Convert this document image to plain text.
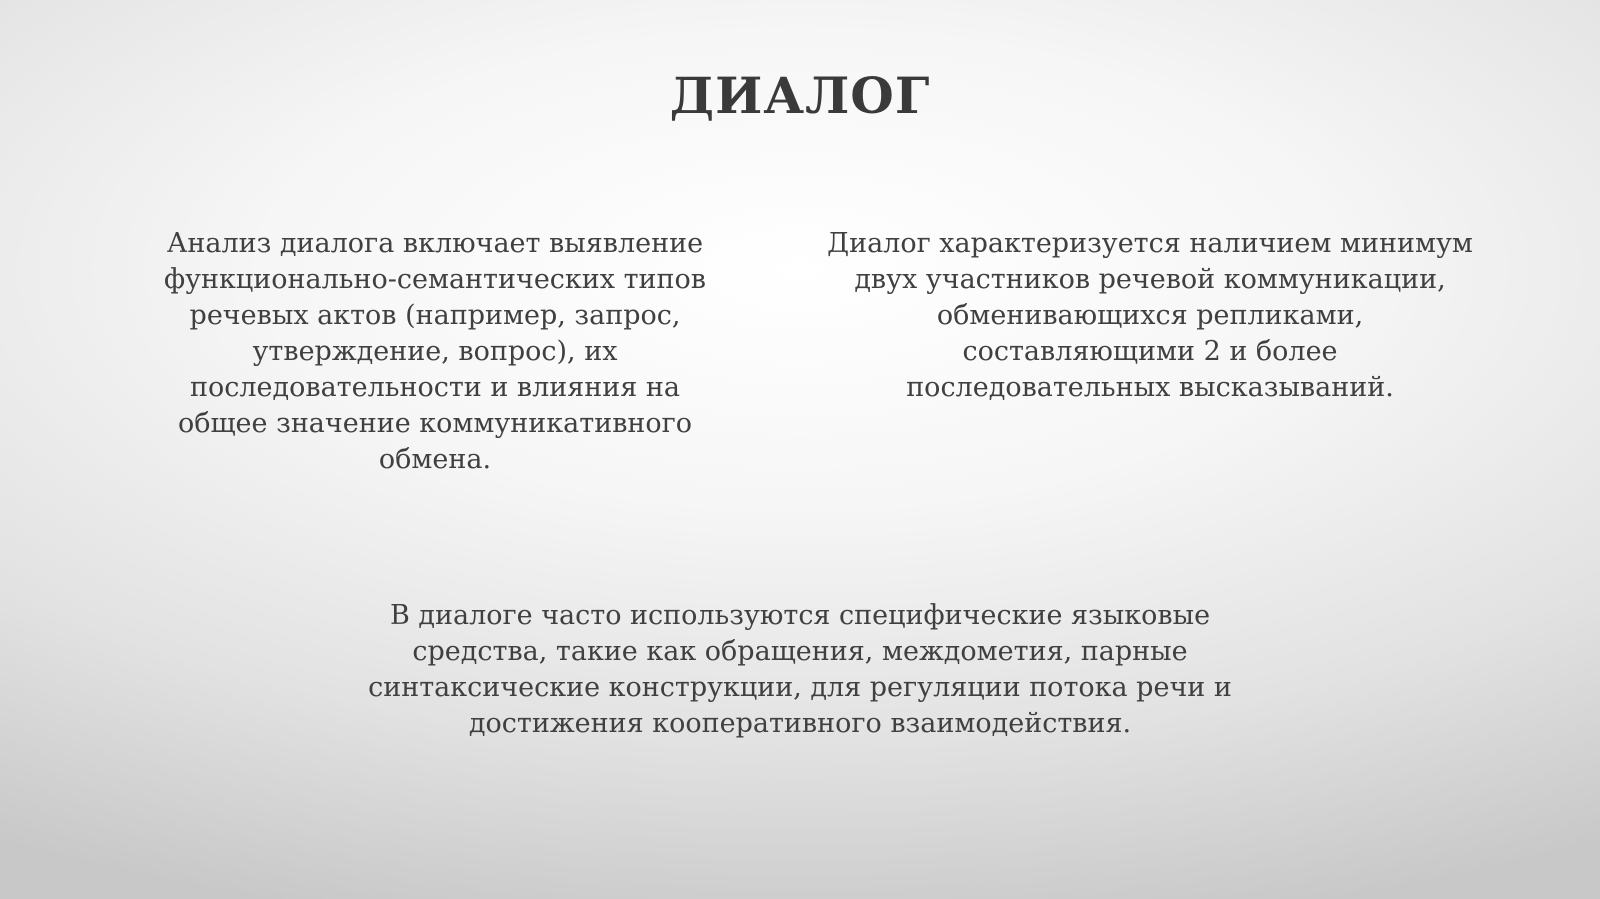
ДИАЛОГ

Анализ диалога включает выявление
функционально-семантических типов
речевых актов (например, запрос,
утверждение, вопрос), их
последовательности и влияния на
общее значение коммуникативного
обмена.

Диалог характеризуется наличием минимум
двух участников речевой коммуникации,
обменивающихся репликами,
составляющими 2 и более
последовательных высказываний.

В диалоге часто используются специфические языковые
средства, такие как обращения, междометия, парные
синтаксические конструкции, для регуляции потока речи и
достижения кооперативного взаимодействия.
